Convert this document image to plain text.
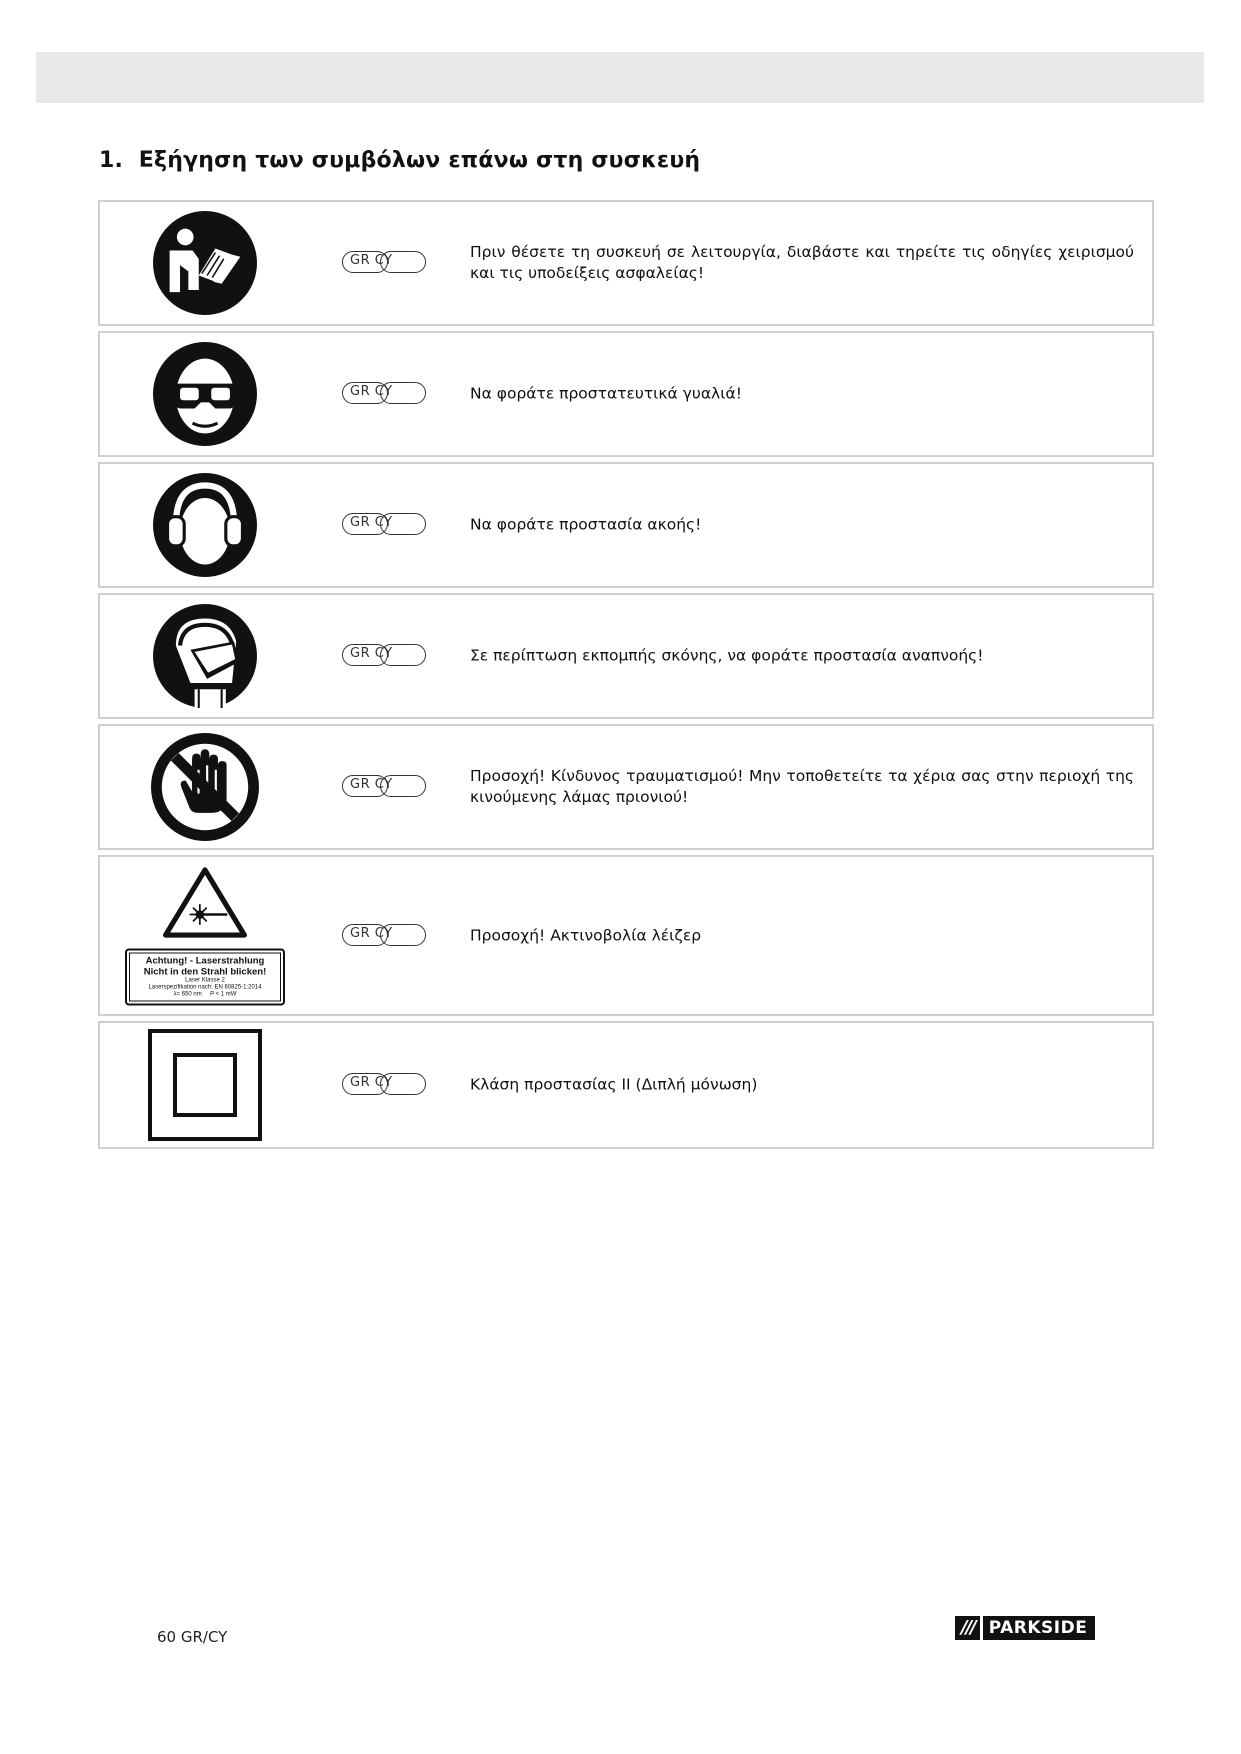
1. Εξήγηση των συμβόλων επάνω στη συσκευή
GR CY	Πριν θέσετε τη συσκευή σε λειτουργία, διαβάστε και τηρείτε τις οδηγίες χειρισμού και τις υποδείξεις ασφαλείας!
GR CY	Να φοράτε προστατευτικά γυαλιά!
GR CY	Να φοράτε προστασία ακοής!
GR CY	Σε περίπτωση εκπομπής σκόνης, να φοράτε προστασία αναπνοής!
GR CY	Προσοχή! Κίνδυνος τραυματισμού! Μην τοποθετείτε τα χέρια σας στην περιοχή της κινούμενης λάμας πριονιού!
Achtung! - Laserstrahlung
Nicht in den Strahl blicken!
Laser Klasse 2
Laserspezifikation nach: EN 60825-1:2014
λ= 650 nm P < 1 mW
GR CY	Προσοχή! Ακτινοβολία λέιζερ
GR CY	Κλάση προστασίας II (Διπλή μόνωση)
60 GR/CY	/// PARKSIDE
